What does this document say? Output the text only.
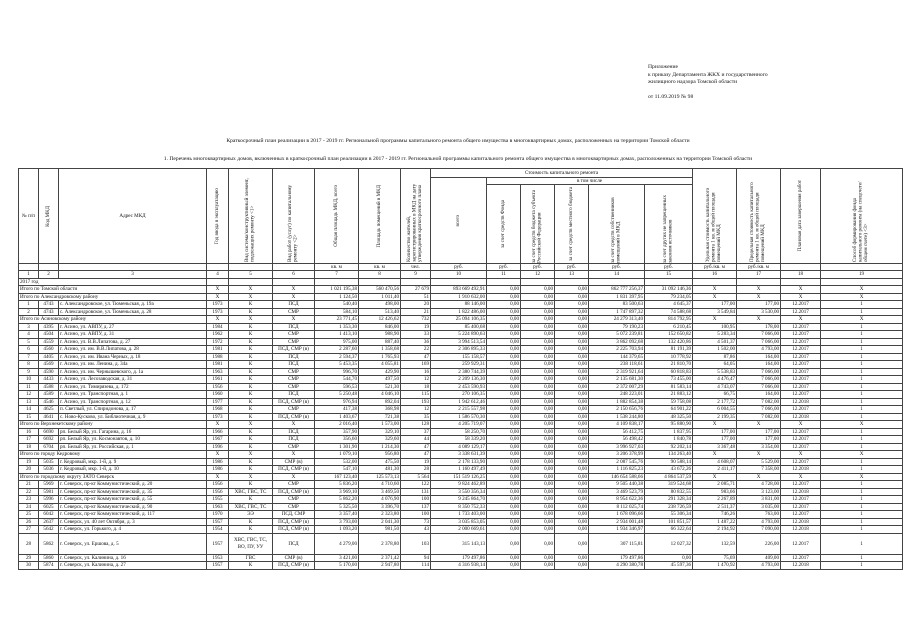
Приложение
к приказу Департамента ЖКХ и государственного
жилищного надзора Томской области
от 11.09.2019 № 98
Краткосрочный план реализации в 2017 - 2019 гг. Региональной программы капитального ремонта общего имущества в многоквартирных домах, расположенных на территории Томской области
1. Перечень многоквартирных домов, включенных в краткосрочный план реализации в 2017 - 2019 гг. Региональной программы капитального ремонта общего имущества в многоквартирных домах, расположенных на территории Томской области
№ п/п	Код МКД	Адрес МКД	Год ввода в эксплуатацию	Вид система/конструктивный элемент, подлежащих ремонту <1>	Вид работ (услуг) по капитальному ремонту <2>	Общая площадь МКД, всего	Площадь помещений в МКД	Количество жителей, зарегистрированных в МКД на дату утверждения краткосрочного плана	Стоимость капитального ремонта						Удельная стоимость капитального ремонта 1 кв. м общей площади помещений МКД	Предельная стоимость капитального ремонта 1 кв. м общей площади помещений МКД	Плановая дата завершения работ	Способ формирования фонда капитального ремонта (на спецсчете/общем счете) <3>

									всего	в том числе								

										за счет средств Фонда	за счет средств бюджета субъекта Российской Федерации	за счет средств местного бюджета	за счет средств собственников помещений в МКД	за счет других не запрещенных законом источников				

						кв. м	кв. м	чел.	руб.	руб.	руб.	руб.	руб.	руб.	руб./кв. м	руб./кв. м		
1	2	3	4	5	6	7	8	9	10	11	12	13	14	15	16	17	18	19
2017 год																		
Итого по Томской области			X	X	X	1 021 195,38	560 470,56	27 679	893 669 492,91	0,00	0,00	0,00	862 777 256,37	31 092 146,36	X	X	X	X
Итого по Александровскому району			X	X	X	1 124,50	1 011,40	51	1 910 632,00	0,00	0,00	0,00	1 831 397,95	79 234,05	X	X	X	X
1	4743	с. Александровское, ул. Тюменьская, д. 19а	1973	К	ПСД	540,40	498,00	20	88 146,00	0,00	0,00	0,00	83 500,63	4 645,37	177,00	177,00	12.2017	1
2	4743	с. Александровское, ул. Тюменьская, д. 28	1973	К	СМР	584,10	513,40	21	1 822 486,00	0,00	0,00	0,00	1 747 897,32	74 588,68	3 549,84	3 530,00	12.2017	1
Итого по Асиновскому району			X	X	X	23 771,45	12 426,62	732	25 094 106,35	0,00	0,00	0,00	24 279 313,40	814 792,95	X	X	X	X
3	4395	г. Асино, ул. АВПУ, д. 27	1984	К	ПСД	1 353,30	846,00	19	85 400,68	0,00	0,00	0,00	79 190,23	6 210,45	100,95	178,00	12.2017	1
4	4504	г. Асино, ул. АВПУ, д. 31	1962	К	СМР	1 413,10	988,90	33	5 224 890,63	0,00	0,00	0,00	5 072 239,81	152 650,82	5 283,34	7 066,00	12.2017	1
5	4559	г. Асино, ул. В.В.Липатова, д. 27	1972	К	СМР	975,00	887,40	36	3 994 513,54	0,00	0,00	0,00	3 862 092,68	132 420,86	4 501,37	7 066,00	12.2017	1
6	4560	г. Асино, ул. им. В.В.Липатова, д. 28	1981	К	ПСД, СМР (в)	2 287,60	1 358,68	22	2 306 895,33	0,00	0,00	0,00	2 225 703,94	81 191,39	1 502,00	4 793,00	12.2017	1
7	4405	г. Асино, ул. им. Ивана Черных, д. 18	1988	К	ПСД	2 594,37	1 765,93	47	155 158,57	0,00	0,00	0,00	144 379,65	10 778,92	87,86	164,00	12.2017	1
8	4569	г. Асино, ул. им. Ленина, д. 34а	1981	К	ПСД	5 453,35	4 055,81	169	259 929,31	0,00	0,00	0,00	238 118,61	21 810,70	64,05	164,00	12.2017	1
9	4590	г. Асино, ул. им. Чернышевского, д. 1а	1963	К	СМР	996,70	429,90	16	2 380 744,39	0,00	0,00	0,00	2 319 921,64	60 818,83	5 538,83	7 066,00	12.2017	1
10	4433	г. Асино, ул. Лесозаводская, д. 31	1961	К	СМР	544,70	497,50	12	2 209 136,30	0,00	0,00	0,00	2 135 681,30	73 455,00	4 476,47	7 066,00	12.2017	1
11	4588	г. Асино, ул. Тимирязева, д. 172	1956	К	СМР	596,53	521,30	18	2 453 590,93	0,00	0,00	0,00	2 372 007,29	81 583,14	4 743,07	7 066,00	12.2017	1
12	4589	г. Асино, ул. Транспортная, д. 1	1960	К	ПСД	5 250,48	4 046,10	115	270 106,35	0,00	0,00	0,00	248 223,01	21 883,12	66,75	164,00	12.2017	1
13	4546	г. Асино, ул. Транспортная, д. 12	1977	К	ПСД, СМР (в)	976,94	892,04	193	1 942 612,46	0,00	0,00	0,00	1 882 854,38	59 758,08	2 177,72	7 082,00	12.2018	1
14	4625	п. Светлый, ул. Спиридонова, д. 17	1968	К	СМР	417,38	368,98	12	2 215 557,98	0,00	0,00	0,00	2 150 656,76	64 901,22	6 004,55	7 066,00	12.2017	1
15	4641	с. Ново-Кусково, ул. Библиотечная, д. 9	1973	К	ПСД, СМР (в)	1 403,67	721,38	35	1 586 570,30	0,00	0,00	0,00	1 538 244,80	48 325,50	2 199,35	7 082,00	12.2018	1
Итого по Верхнекетскому району			X	X	X	2 016,40	1 573,00	128	4 205 719,07	0,00	0,00	0,00	4 109 838,17	95 880,90	X	X	X	X
16	6690	рп. Белый Яр, ул. Гагарина, д. 16	1966	К	ПСД	357,90	329,10	37	58 250,70	0,00	0,00	0,00	56 412,75	1 837,95	177,00	177,00	12.2017	1
17	6692	рп. Белый Яр, ул. Космонавтов, д. 10	1967	К	ПСД	356,60	329,60	44	58 339,20	0,00	0,00	0,00	56 498,42	1 840,78	177,00	177,00	12.2017	1
18	6704	рп. Белый Яр, ул. Российская, д. 1	1996	К	СМР	1 301,90	1 214,30	47	4 089 129,17	0,00	0,00	0,00	3 996 927,03	92 202,14	3 367,48	3 354,00	12.2017	1
Итого по городу Кедровому			X	X	X	1 079,10	956,80	47	3 338 631,39	0,00	0,00	0,00	3 206 378,99	134 263,40	X	X	X	X
19	5035	г. Кедровый, мкр. 1-й, д. 9	1986	К	СМР (в)	532,00	475,50	19	2 178 133,90	0,00	0,00	0,00	2 087 545,76	90 588,14	4 608,07	5 529,00	12.2017	1
20	5036	г. Кедровый, мкр. 1-й, д. 10	1986	К	ПСД, СМР (в)	547,10	481,30	28	1 160 497,49	0,00	0,00	0,00	1 116 825,23	43 672,26	2 411,17	7 358,00	12.2018	1
Итого по городскому округу ЗАТО Северск			X	X	X	167 123,40	125 573,13	5 564	151 519 126,25	0,00	0,00	0,00	146 654 588,66	4 864 537,59	X	X	X	X
21	5969	г. Северск, пр-кт Коммунистический, д. 20	1956	К	СМР	5 836,20	4 710,60	122	9 824 462,89	0,00	0,00	0,00	9 505 440,38	319 524,68	2 085,71	4 728,00	12.2017	1
22	5981	г. Северск, пр-кт Коммунистический, д. 35	1956	ХВС, ГВС, ТС	ПСД, СМР (в)	3 969,10	3 469,50	131	3 550 356,34	0,00	0,00	0,00	3 469 523,79	80 832,55	983,66	3 123,00	12.2018	1
23	5996	г. Северск, пр-кт Коммунистический, д. 55	1955	К	СМР	5 862,20	4 076,90	100	9 245 864,70	0,00	0,00	0,00	8 954 622,36	291 328,34	2 267,89	3 831,00	12.2017	1
24	6025	г. Северск, пр-кт Коммунистический, д. 90	1963	ХВС, ГВС, ТС	СМР	5 325,50	3 396,70	137	8 350 752,33	0,00	0,00	0,00	8 112 025,74	238 726,59	2 511,37	3 035,00	12.2017	1
25	6042	г. Северск, пр-кт Коммунистический, д. 117	1970	ЭЭ	ПСД, СМР	3 357,40	2 323,80	100	1 733 403,00	0,00	0,00	0,00	1 678 096,66	55 306,34	746,26	763,00	12.2017	1
26	2637	г. Северск, ул. 40 лет Октября, д. 3	1957	К	ПСД, СМР (в)	3 793,00	2 041,30	73	3 035 853,05	0,00	0,00	0,00	2 934 001,48	101 851,57	1 487,22	4 793,00	12.2018	1
27	5642	г. Северск, ул. Горького, д. 4	1954	К	ПСД, СМР (в)	1 093,20	981,50	43	2 000 669,61	0,00	0,00	0,00	1 934 346,97	66 322,64	2 194,92	7 090,00	12.2018	1
28	5862	г. Северск, ул. Ершова, д. 5	1957	ХВС, ГВС, ТС, ВО, ПУ, УУ	ПСД	4 279,00	2 378,80	103	315 143,13	0,00	0,00	0,00	307 115,81	12 027,32	132,59	226,00	12.2017	1
29	5860	г. Северск, ул. Калинина, д. 16	1953	ГВС	СМР (в)	3 421,00	2 371,42	94	179 497,86	0,00	0,00	0,00	179 497,86	0,00	75,69	409,00	12.2017	1
30	5874	г. Северск, ул. Калинина, д. 27	1957	К	ПСД, СМР (в)	5 170,00	2 947,80	114	4 316 938,14	0,00	0,00	0,00	4 290 380,78	45 597,36	1 470,92	4 793,00	12.2018	1
